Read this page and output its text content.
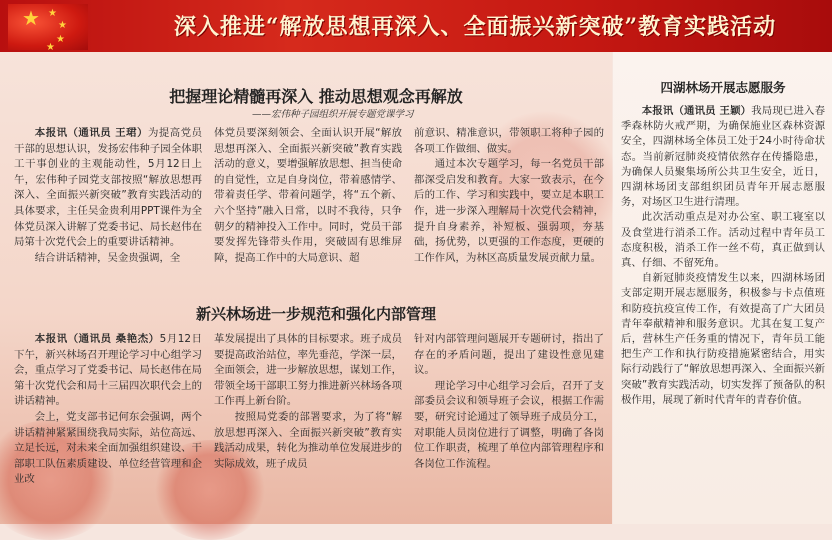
★ ★
★
★
★
深入推进“解放思想再深入、全面振兴新突破”教育实践活动
把握理论精髓再深入 推动思想观念再解放
——宏伟种子园组织开展专题党课学习

本报讯（通讯员 王珺）为提高党员干部的思想认识，发扬宏伟种子园全体职工干事创业的主观能动性，5月12日上午，宏伟种子园党支部按照“解放思想再深入、全面振兴新突破”教育实践活动的具体要求，主任吴金贵利用PPT课件为全体党员深入讲解了党委书记、局长赵伟在局第十次党代会上的重要讲话精神。

结合讲话精神，吴金贵强调，全

体党员要深刻领会、全面认识开展“解放思想再深入、全面振兴新突破”教育实践活动的意义，要增强解放思想、担当使命的自觉性，立足自身岗位，带着感情学、带着责任学、带着问题学，将“五个新、六个坚持”融入日常，以时不我待，只争朝夕的精神投入工作中。同时，党员干部要发挥先锋带头作用，突破固有思维屏障，提高工作中的大局意识、超

前意识、精准意识，带领职工将种子园的各项工作做细、做实。

通过本次专题学习，每一名党员干部都深受启发和教育。大家一致表示，在今后的工作、学习和实践中，要立足本职工作，进一步深入理解局十次党代会精神，提升自身素养，补短板、强弱项，夯基础，扬优势，以更强的工作态度，更硬的工作作风，为林区高质量发展贡献力量。

新兴林场进一步规范和强化内部管理

本报讯（通讯员 桑艳杰）5月12日下午，新兴林场召开理论学习中心组学习会，重点学习了党委书记、局长赵伟在局第十次党代会和局十三届四次职代会上的讲话精神。

会上，党支部书记何东会强调，两个讲话精神紧紧围绕我局实际，站位高远、立足长远，对未来全面加强组织建设、干部职工队伍素质建设、单位经营管理和企业改

革发展提出了具体的目标要求。班子成员要提高政治站位，率先垂范，学深一层，全面领会，进一步解放思想，谋划工作，带领全场干部职工努力推进新兴林场各项工作再上新台阶。

按照局党委的部署要求，为了将“解放思想再深入、全面振兴新突破”教育实践活动成果，转化为推动单位发展进步的实际成效，班子成员

针对内部管理问题展开专题研讨，指出了存在的矛盾问题，提出了建设性意见建议。

理论学习中心组学习会后，召开了支部委员会议和领导班子会议，根据工作需要，研究讨论通过了领导班子成员分工，对职能人员岗位进行了调整，明确了各岗位工作职责，梳理了单位内部管理程序和各岗位工作流程。

四湖林场开展志愿服务

本报讯（通讯员 王颖）我局现已进入春季森林防火戒严期，为确保施业区森林资源安全，四湖林场全体员工处于24小时待命状态。当前新冠肺炎疫情依然存在传播隐患，为确保人员聚集场所公共卫生安全，近日，四湖林场团支部组织团员青年开展志愿服务，对场区卫生进行清理。

此次活动重点是对办公室、职工寝室以及食堂进行消杀工作。活动过程中青年员工态度积极，消杀工作一丝不苟，真正做到认真、仔细、不留死角。

自新冠肺炎疫情发生以来，四湖林场团支部定期开展志愿服务，积极参与卡点值班和防疫抗疫宣传工作，有效提高了广大团员青年奉献精神和服务意识。尤其在复工复产后，营林生产任务重的情况下，青年员工能把生产工作和执行防疫措施紧密结合，用实际行动践行了“解放思想再深入、全面振兴新突破”教育实践活动，切实发挥了预备队的积极作用，展现了新时代青年的青春价值。
